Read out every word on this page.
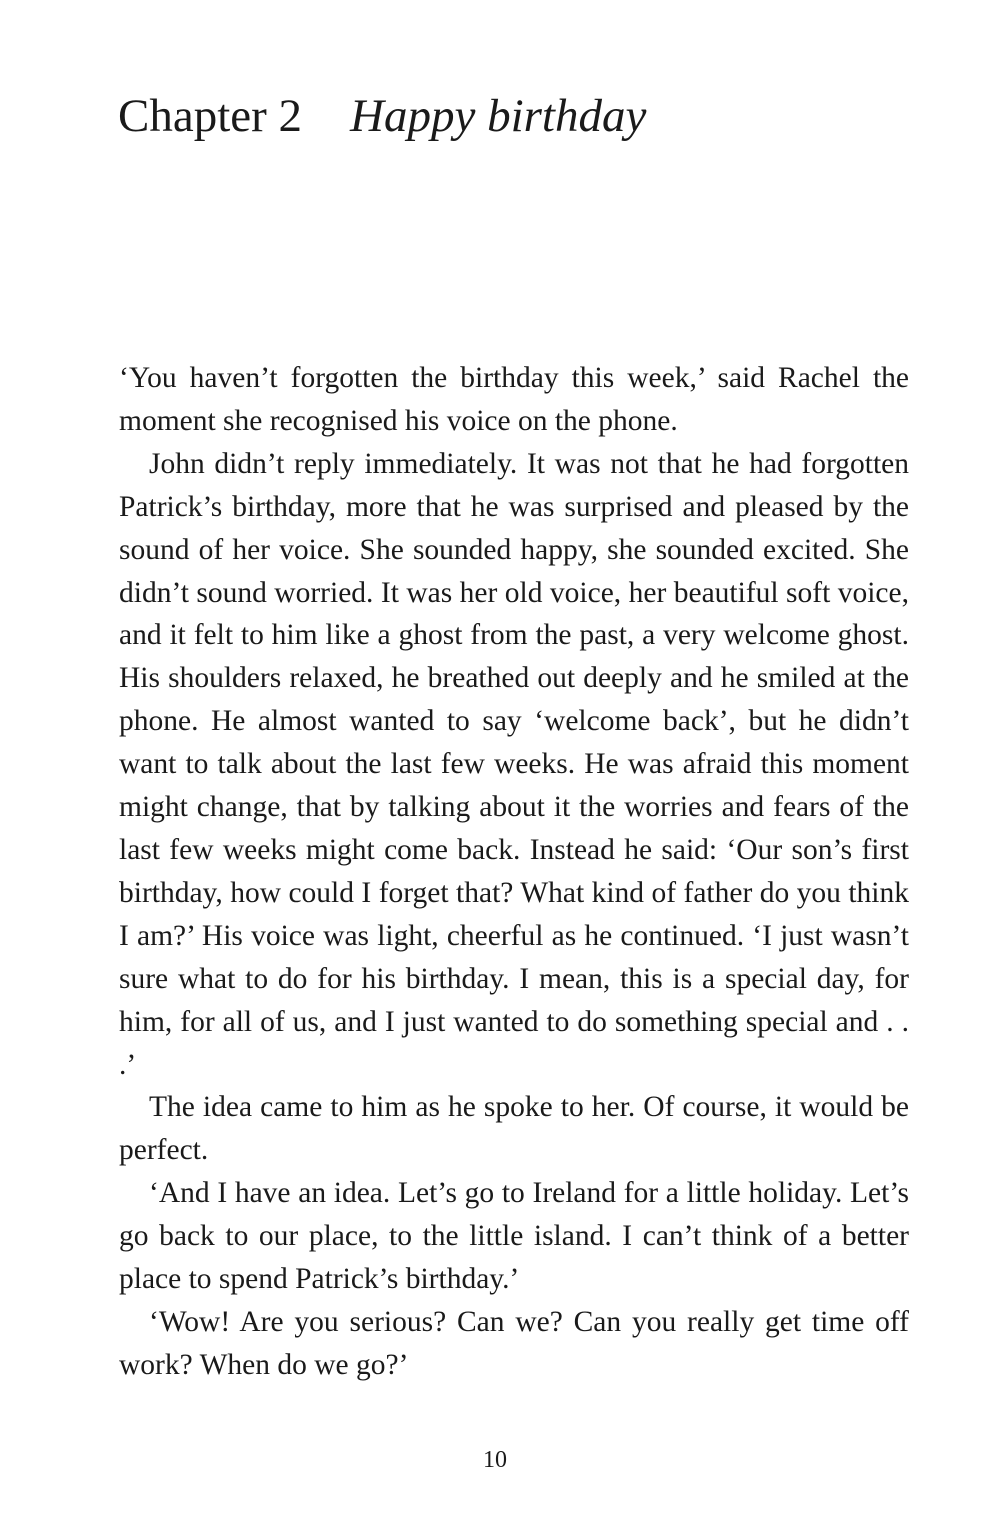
Chapter 2 Happy birthday

‘You haven’t forgotten the birthday this week,’ said Rachel the moment she recognised his voice on the phone.

John didn’t reply immediately. It was not that he had forgotten Patrick’s birthday, more that he was surprised and pleased by the sound of her voice. She sounded happy, she sounded excited. She didn’t sound worried. It was her old voice, her beautiful soft voice, and it felt to him like a ghost from the past, a very welcome ghost. His shoulders relaxed, he breathed out deeply and he smiled at the phone. He almost wanted to say ‘welcome back’, but he didn’t want to talk about the last few weeks. He was afraid this moment might change, that by talking about it the worries and fears of the last few weeks might come back. Instead he said: ‘Our son’s first birthday, how could I forget that? What kind of father do you think I am?’ His voice was light, cheerful as he continued. ‘I just wasn’t sure what to do for his birthday. I mean, this is a special day, for him, for all of us, and I just wanted to do something special and . . .’

The idea came to him as he spoke to her. Of course, it would be perfect.

‘And I have an idea. Let’s go to Ireland for a little holiday. Let’s go back to our place, to the little island. I can’t think of a better place to spend Patrick’s birthday.’

‘Wow! Are you serious? Can we? Can you really get time off work? When do we go?’

10
